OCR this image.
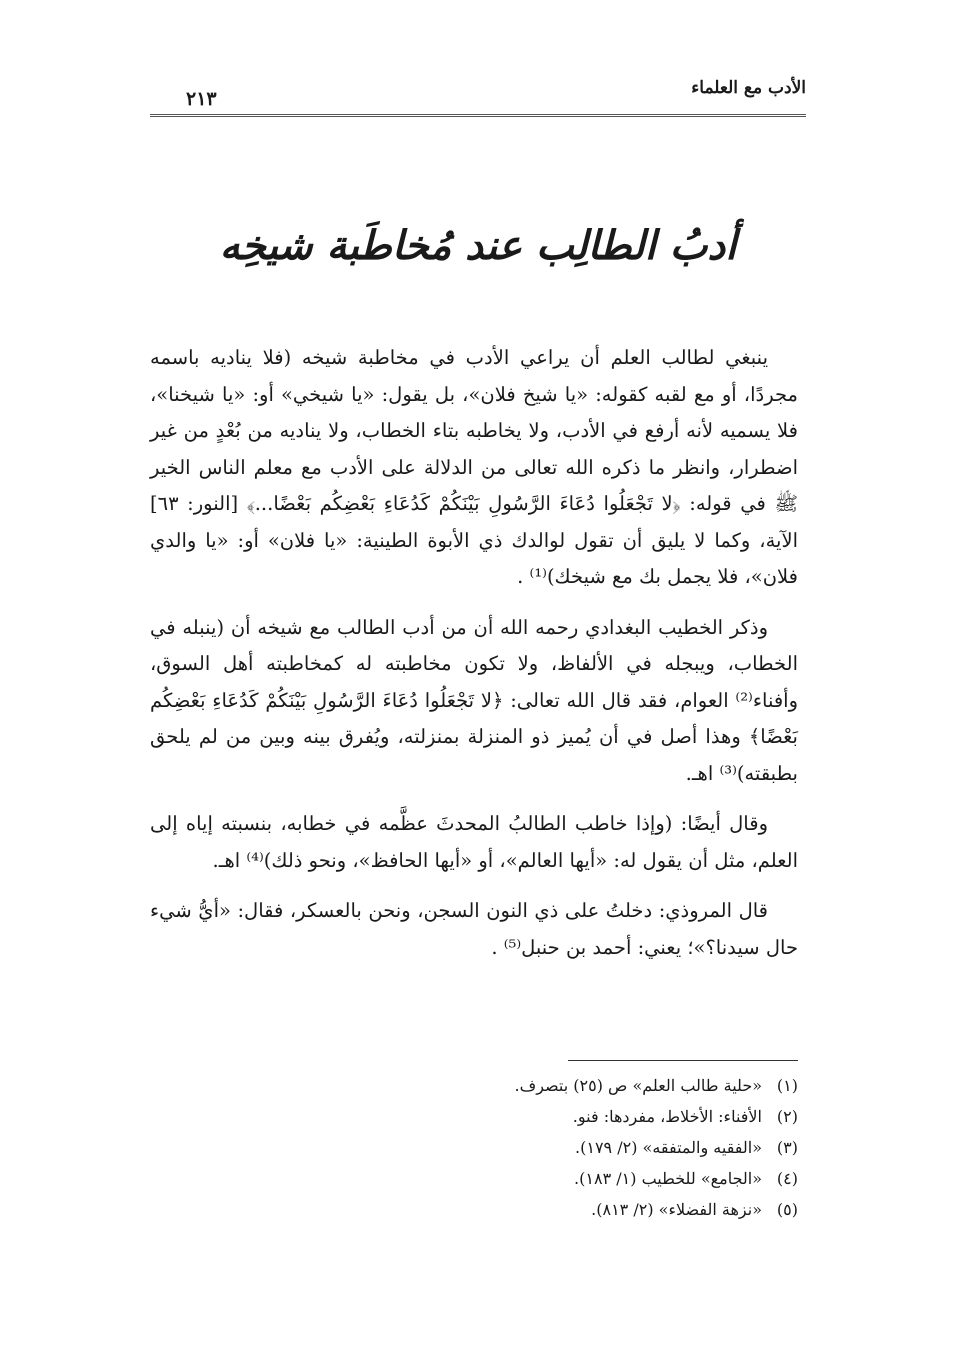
الأدب مع العلماء
٢١٣
أدبُ الطالِب عند مُخاطَبة شيخِه

ينبغي لطالب العلم أن يراعي الأدب في مخاطبة شيخه (فلا يناديه باسمه مجردًا، أو مع لقبه كقوله: «يا شيخ فلان»، بل يقول: «يا شيخي» أو: «يا شيخنا»، فلا يسميه لأنه أرفع في الأدب، ولا يخاطبه بتاء الخطاب، ولا يناديه من بُعْدٍ من غير اضطرار، وانظر ما ذكره الله تعالى من الدلالة على الأدب مع معلم الناس الخير ﷺ في قوله: ﴿لا تَجْعَلُوا دُعَاءَ الرَّسُولِ بَيْنَكُمْ كَدُعَاءِ بَعْضِكُم بَعْضًا...﴾ [النور: ٦٣] الآية، وكما لا يليق أن تقول لوالدك ذي الأبوة الطينية: «يا فلان» أو: «يا والدي فلان»، فلا يجمل بك مع شيخك)⁽¹⁾ .

وذكر الخطيب البغدادي رحمه الله أن من أدب الطالب مع شيخه أن (ينبله في الخطاب، ويبجله في الألفاظ، ولا تكون مخاطبته له كمخاطبته أهل السوق، وأفناء⁽²⁾ العوام، فقد قال الله تعالى: ﴿لا تَجْعَلُوا دُعَاءَ الرَّسُولِ بَيْنَكُمْ كَدُعَاءِ بَعْضِكُم بَعْضًا﴾ وهذا أصل في أن يُميز ذو المنزلة بمنزلته، ويُفرق بينه وبين من لم يلحق بطبقته)⁽³⁾ اهـ.

وقال أيضًا: (وإذا خاطب الطالبُ المحدثَ عظَّمه في خطابه، بنسبته إياه إلى العلم، مثل أن يقول له: «أيها العالم»، أو «أيها الحافظ»، ونحو ذلك)⁽⁴⁾ اهـ.

قال المروذي: دخلتُ على ذي النون السجن، ونحن بالعسكر، فقال: «أيُّ شيء حال سيدنا؟»؛ يعني: أحمد بن حنبل⁽⁵⁾ .

(١)«حلية طالب العلم» ص (٢٥) بتصرف.
(٢)الأفناء: الأخلاط، مفردها: فنو.
(٣)«الفقيه والمتفقه» (٢/ ١٧٩).
(٤)«الجامع» للخطيب (١/ ١٨٣).
(٥)«نزهة الفضلاء» (٢/ ٨١٣).
